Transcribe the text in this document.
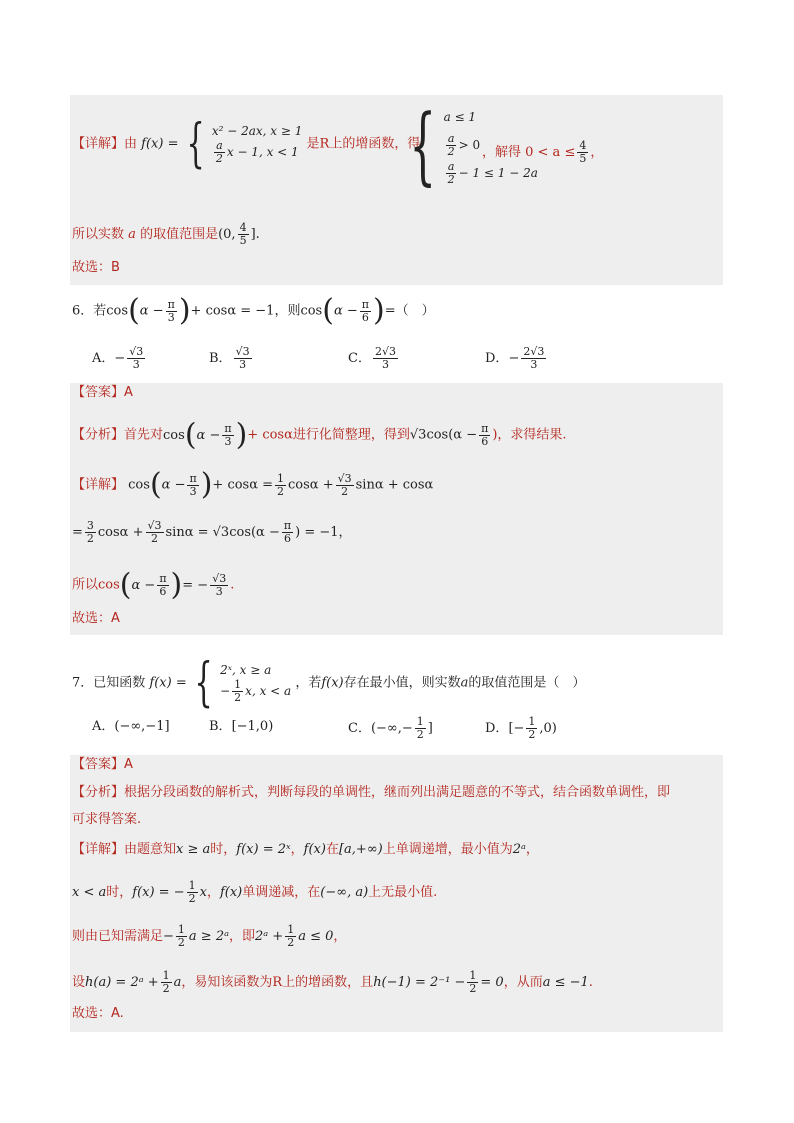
【详解】由 f(x) = { x² − 2ax, x ≥ 1
$\frac{a}{2}$ x − 1, x < 1
是R上的增函数，得
{ a ≤ 1
$\frac{a}{2} > 0$
$\frac{a}{2} - 1 \le 1 - 2a$
，解得 $0 < a \le \frac{4}{5}$ ，
所以实数 a 的取值范围是(0, $\frac{4}{5}$ ].
故选：B
6．若$\cos(\alpha - \frac{\pi}{3}$ )+ cosα = −1，则$\cos(\alpha - \frac{\pi}{6}$ )=（　）
A．− $\frac{√3}{3}$	B． $\frac{√3}{3}$	C． $\frac{2√3}{3}$	D．− $\frac{2√3}{3}$
【答案】A
【分析】首先对$\cos(\alpha - \frac{\pi}{3}$ )+ cosα进行化简整理，得到$√3\cos(\alpha - \frac{\pi}{6}$ )，求得结果.
【详解】 $\cos(\alpha - \frac{\pi}{3}$ )+ $\cos\alpha = \frac{1}{2}$ $\cos\alpha + \frac{√3}{2}$ sinα + cosα
= $\frac{3}{2}$ $\cos\alpha + \frac{√3}{2}$ $\sin\alpha = √3\cos(\alpha - \frac{\pi}{6}$ ) = −1，
所以$\cos(\alpha - \frac{\pi}{6}$ )= − $\frac{√3}{3}$ .
故选：A
7．已知函数 f(x) = { 2ˣ, x ≥ a
− $\frac{1}{2} x$, x < a
，若f(x)存在最小值，则实数a的取值范围是（　）
A．(−∞,−1]	B．[−1,0)	C．(−∞,− $\frac{1}{2}$ ]	D．[− $\frac{1}{2} ,0$)
【答案】A
【分析】根据分段函数的解析式，判断每段的单调性，继而列出满足题意的不等式，结合函数单调性，即
可求得答案.
【详解】由题意知x ≥ a时，f(x) = 2ˣ，f(x)在[a,+∞)上单调递增，最小值为2ᵃ，
x < a时，f(x) = − $\frac{1}{2}$ x，f(x)单调递减，在(−∞, a)上无最小值.
则由已知需满足− $\frac{1}{2}$ a ≥ 2ᵃ，即2ᵃ + $\frac{1}{2}$ a ≤ 0，
设h(a) = 2ᵃ + $\frac{1}{2}$ a，易知该函数为R上的增函数，且$h(-1) = 2^{-1} - \frac{1}{2} = 0$，从而a ≤ −1.
故选：A.
